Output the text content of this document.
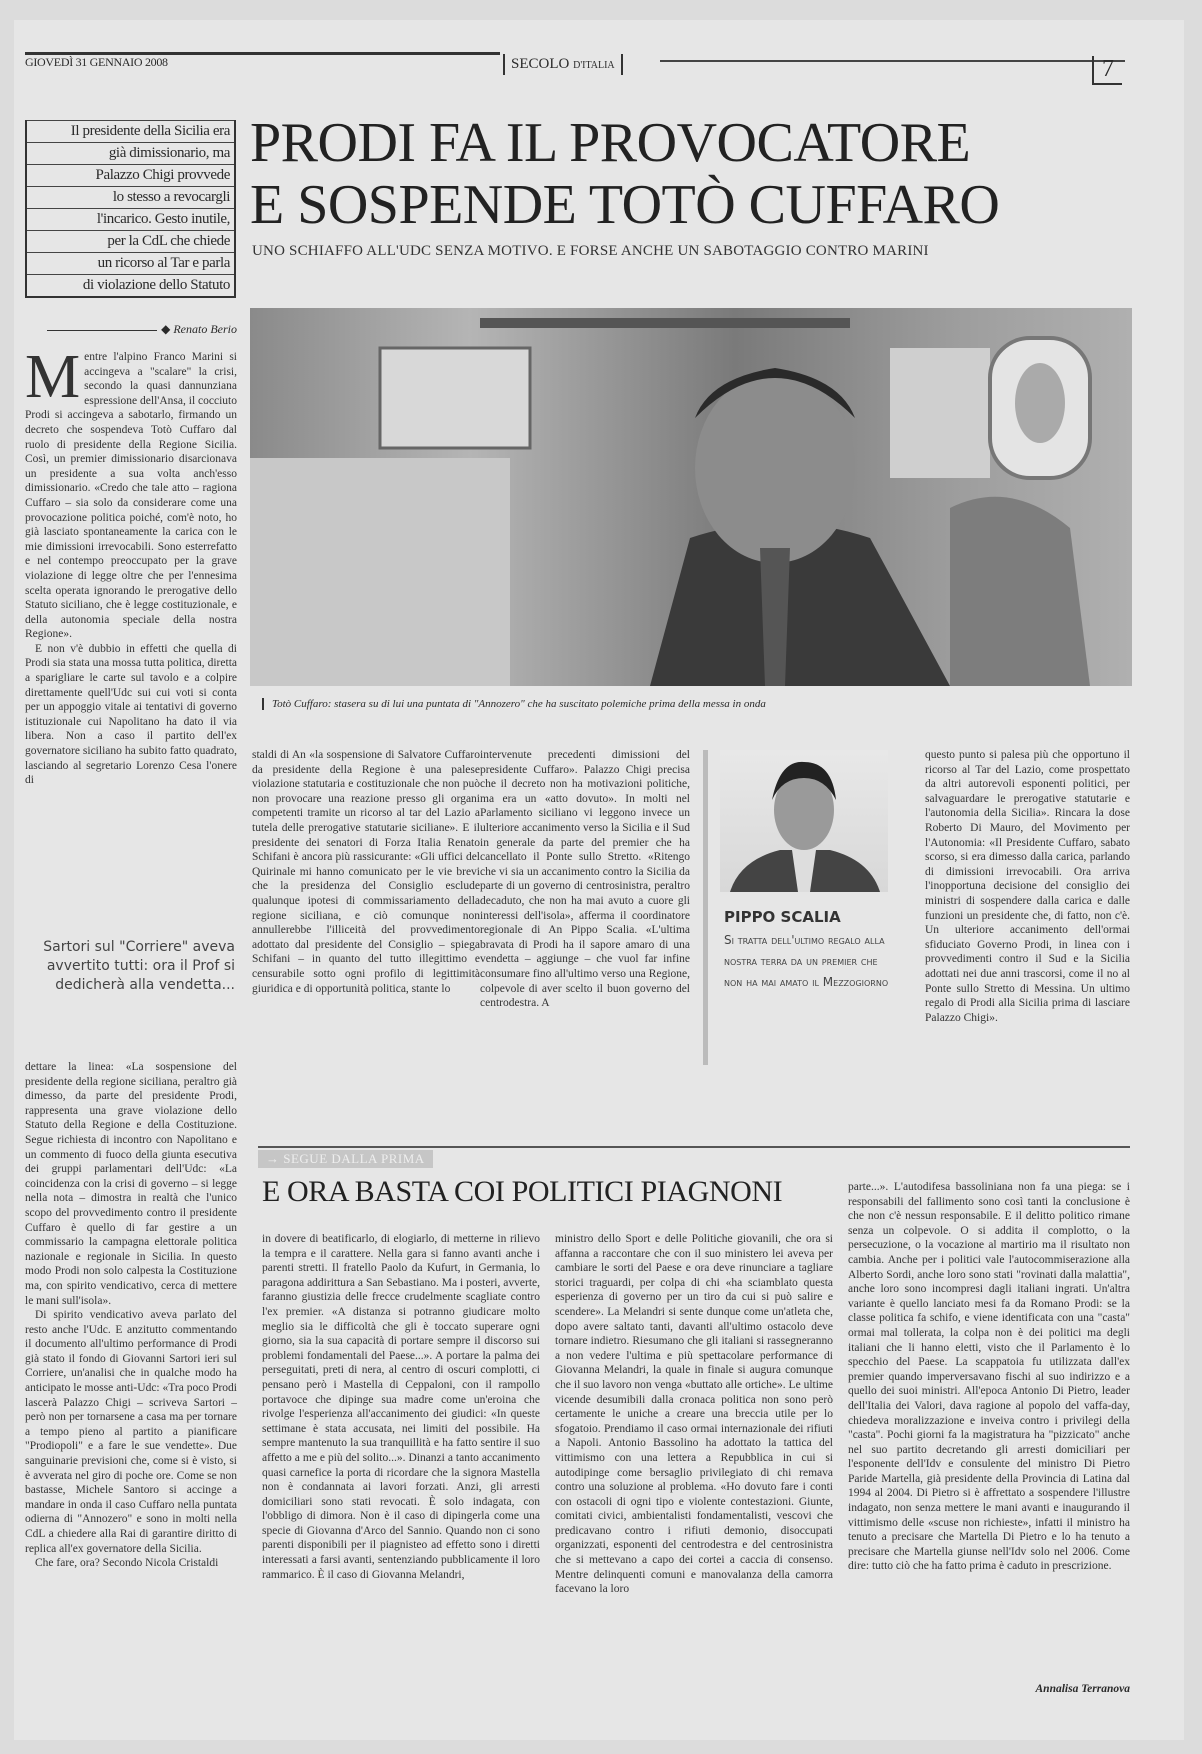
GIOVEDÌ 31 GENNAIO 2008	SECOLO D'ITALIA	7
Il presidente della Sicilia era
già dimissionario, ma
Palazzo Chigi provvede
lo stesso a revocargli
l'incarico. Gesto inutile,
per la CdL che chiede
un ricorso al Tar e parla
di violazione dello Statuto
PRODI FA IL PROVOCATORE
E SOSPENDE TOTÒ CUFFARO
UNO SCHIAFFO ALL'UDC SENZA MOTIVO. E FORSE ANCHE UN SABOTAGGIO CONTRO MARINI
Totò Cuffaro: stasera su di lui una puntata di "Annozero" che ha suscitato polemiche prima della messa in onda
◆ Renato Berio
M entre l'alpino Franco Marini si accingeva a "scalare" la crisi, secondo la quasi dannunziana espressione dell'Ansa, il cocciuto Prodi si accingeva a sabotarlo, firmando un decreto che sospendeva Totò Cuffaro dal ruolo di presidente della Regione Sicilia. Così, un premier dimissionario disarcionava un presidente a sua volta anch'esso dimissionario. «Credo che tale atto – ragiona Cuffaro – sia solo da considerare come una provocazione politica poiché, com'è noto, ho già lasciato spontaneamente la carica con le mie dimissioni irrevocabili. Sono esterrefatto e nel contempo preoccupato per la grave violazione di legge oltre che per l'ennesima scelta operata ignorando le prerogative dello Statuto siciliano, che è legge costituzionale, e della autonomia speciale della nostra Regione».

E non v'è dubbio in effetti che quella di Prodi sia stata una mossa tutta politica, diretta a sparigliare le carte sul tavolo e a colpire direttamente quell'Udc sui cui voti si conta per un appoggio vitale ai tentativi di governo istituzionale cui Napolitano ha dato il via libera. Non a caso il partito dell'ex governatore siciliano ha subito fatto quadrato, lasciando al segretario Lorenzo Cesa l'onere di

Sartori sul "Corriere" aveva avvertito tutti: ora il Prof si dedicherà alla vendetta...

dettare la linea: «La sospensione del presidente della regione siciliana, peraltro già dimesso, da parte del presidente Prodi, rappresenta una grave violazione dello Statuto della Regione e della Costituzione. Segue richiesta di incontro con Napolitano e un commento di fuoco della giunta esecutiva dei gruppi parlamentari dell'Udc: «La coincidenza con la crisi di governo – si legge nella nota – dimostra in realtà che l'unico scopo del provvedimento contro il presidente Cuffaro è quello di far gestire a un commissario la campagna elettorale politica nazionale e regionale in Sicilia. In questo modo Prodi non solo calpesta la Costituzione ma, con spirito vendicativo, cerca di mettere le mani sull'isola».

Di spirito vendicativo aveva parlato del resto anche l'Udc. E anzitutto commentando il documento all'ultimo performance di Prodi già stato il fondo di Giovanni Sartori ieri sul Corriere, un'analisi che in qualche modo ha anticipato le mosse anti-Udc: «Tra poco Prodi lascerà Palazzo Chigi – scriveva Sartori – però non per tornarsene a casa ma per tornare a tempo pieno al partito a pianificare "Prodiopoli" e a fare le sue vendette». Due sanguinarie previsioni che, come si è visto, si è avverata nel giro di poche ore. Come se non bastasse, Michele Santoro si accinge a mandare in onda il caso Cuffaro nella puntata odierna di "Annozero" e sono in molti nella CdL a chiedere alla Rai di garantire diritto di replica all'ex governatore della Sicilia.

Che fare, ora? Secondo Nicola Cristaldi

staldi di An «la sospensione di Salvatore Cuffaro da presidente della Regione è una palese violazione statutaria e costituzionale che non può non provocare una reazione presso gli organi competenti tramite un ricorso al tar del Lazio a tutela delle prerogative statutarie siciliane». E il presidente dei senatori di Forza Italia Renato Schifani è ancora più rassicurante: «Gli uffici del Quirinale mi hanno comunicato per le vie brevi che la presidenza del Consiglio esclude qualunque ipotesi di commissariamento della regione siciliana, e ciò comunque non annullerebbe l'illiceità del provvedimento adottato dal presidente del Consiglio – spiega Schifani – in quanto del tutto illegittimo e censurabile sotto ogni profilo di legittimità giuridica e di opportunità politica, stante lo

intervenute precedenti dimissioni del presidente Cuffaro». Palazzo Chigi precisa che il decreto non ha motivazioni politiche, ma era un «atto dovuto». In molti nel Parlamento siciliano vi leggono invece un ulteriore accanimento verso la Sicilia e il Sud in generale da parte del premier che ha cancellato il Ponte sullo Stretto. «Ritengo che vi sia un accanimento contro la Sicilia da parte di un governo di centrosinistra, peraltro decaduto, che non ha mai avuto a cuore gli interessi dell'isola», afferma il coordinatore regionale di An Pippo Scalia. «L'ultima bravata di Prodi ha il sapore amaro di una vendetta – aggiunge – che vuol far infine consumare fino all'ultimo verso una Regione, colpevole di aver scelto il buon governo del centrodestra. A

PIPPO SCALIA
Si tratta dell'ultimo regalo alla nostra terra da un premier che non ha mai amato il Mezzogiorno

questo punto si palesa più che opportuno il ricorso al Tar del Lazio, come prospettato da altri autorevoli esponenti politici, per salvaguardare le prerogative statutarie e l'autonomia della Sicilia». Rincara la dose Roberto Di Mauro, del Movimento per l'Autonomia: «Il Presidente Cuffaro, sabato scorso, si era dimesso dalla carica, parlando di dimissioni irrevocabili. Ora arriva l'inopportuna decisione del consiglio dei ministri di sospendere dalla carica e dalle funzioni un presidente che, di fatto, non c'è. Un ulteriore accanimento dell'ormai sfiduciato Governo Prodi, in linea con i provvedimenti contro il Sud e la Sicilia adottati nei due anni trascorsi, come il no al Ponte sullo Stretto di Messina. Un ultimo regalo di Prodi alla Sicilia prima di lasciare Palazzo Chigi».

→ SEGUE DALLA PRIMA
E ORA BASTA COI POLITICI PIAGNONI

in dovere di beatificarlo, di elogiarlo, di metterne in rilievo la tempra e il carattere. Nella gara si fanno avanti anche i parenti stretti. Il fratello Paolo da Kufurt, in Germania, lo paragona addirittura a San Sebastiano. Ma i posteri, avverte, faranno giustizia delle frecce crudelmente scagliate contro l'ex premier. «A distanza si potranno giudicare molto meglio sia le difficoltà che gli è toccato superare ogni giorno, sia la sua capacità di portare sempre il discorso sui problemi fondamentali del Paese...». A portare la palma dei perseguitati, preti di nera, al centro di oscuri complotti, ci pensano però i Mastella di Ceppaloni, con il rampollo portavoce che dipinge sua madre come un'eroina che rivolge l'esperienza all'accanimento dei giudici: «In queste settimane è stata accusata, nei limiti del possibile. Ha sempre mantenuto la sua tranquillità e ha fatto sentire il suo affetto a me e più del solito...». Dinanzi a tanto accanimento quasi carnefice la porta di ricordare che la signora Mastella non è condannata ai lavori forzati. Anzi, gli arresti domiciliari sono stati revocati. È solo indagata, con l'obbligo di dimora. Non è il caso di dipingerla come una specie di Giovanna d'Arco del Sannio. Quando non ci sono parenti disponibili per il piagnisteo ad effetto sono i diretti interessati a farsi avanti, sentenziando pubblicamente il loro rammarico. È il caso di Giovanna Melandri,

ministro dello Sport e delle Politiche giovanili, che ora si affanna a raccontare che con il suo ministero lei aveva per cambiare le sorti del Paese e ora deve rinunciare a tagliare storici traguardi, per colpa di chi «ha sciamblato questa esperienza di governo per un tiro da cui si può salire e scendere». La Melandri si sente dunque come un'atleta che, dopo avere saltato tanti, davanti all'ultimo ostacolo deve tornare indietro. Riesumano che gli italiani si rassegneranno a non vedere l'ultima e più spettacolare performance di Giovanna Melandri, la quale in finale si augura comunque che il suo lavoro non venga «buttato alle ortiche». Le ultime vicende desumibili dalla cronaca politica non sono però certamente le uniche a creare una breccia utile per lo sfogatoio. Prendiamo il caso ormai internazionale dei rifiuti a Napoli. Antonio Bassolino ha adottato la tattica del vittimismo con una lettera a Repubblica in cui si autodipinge come bersaglio privilegiato di chi remava contro una soluzione al problema. «Ho dovuto fare i conti con ostacoli di ogni tipo e violente contestazioni. Giunte, comitati civici, ambientalisti fondamentalisti, vescovi che predicavano contro i rifiuti demonio, disoccupati organizzati, esponenti del centrodestra e del centrosinistra che si mettevano a capo dei cortei a caccia di consenso. Mentre delinquenti comuni e manovalanza della camorra facevano la loro

parte...». L'autodifesa bassoliniana non fa una piega: se i responsabili del fallimento sono così tanti la conclusione è che non c'è nessun responsabile. E il delitto politico rimane senza un colpevole. O si addita il complotto, o la persecuzione, o la vocazione al martirio ma il risultato non cambia. Anche per i politici vale l'autocommiserazione alla Alberto Sordi, anche loro sono stati "rovinati dalla malattia", anche loro sono incompresi dagli italiani ingrati. Un'altra variante è quello lanciato mesi fa da Romano Prodi: se la classe politica fa schifo, e viene identificata con una "casta" ormai mal tollerata, la colpa non è dei politici ma degli italiani che li hanno eletti, visto che il Parlamento è lo specchio del Paese. La scappatoia fu utilizzata dall'ex premier quando imperversavano fischi al suo indirizzo e a quello dei suoi ministri. All'epoca Antonio Di Pietro, leader dell'Italia dei Valori, dava ragione al popolo del vaffa-day, chiedeva moralizzazione e inveiva contro i privilegi della "casta". Pochi giorni fa la magistratura ha "pizzicato" anche nel suo partito decretando gli arresti domiciliari per l'esponente dell'Idv e consulente del ministro Di Pietro Paride Martella, già presidente della Provincia di Latina dal 1994 al 2004. Di Pietro si è affrettato a sospendere l'illustre indagato, non senza mettere le mani avanti e inaugurando il vittimismo delle «scuse non richieste», infatti il ministro ha tenuto a precisare che Martella Di Pietro e lo ha tenuto a precisare che Martella giunse nell'Idv solo nel 2006. Come dire: tutto ciò che ha fatto prima è caduto in prescrizione.

Annalisa Terranova
